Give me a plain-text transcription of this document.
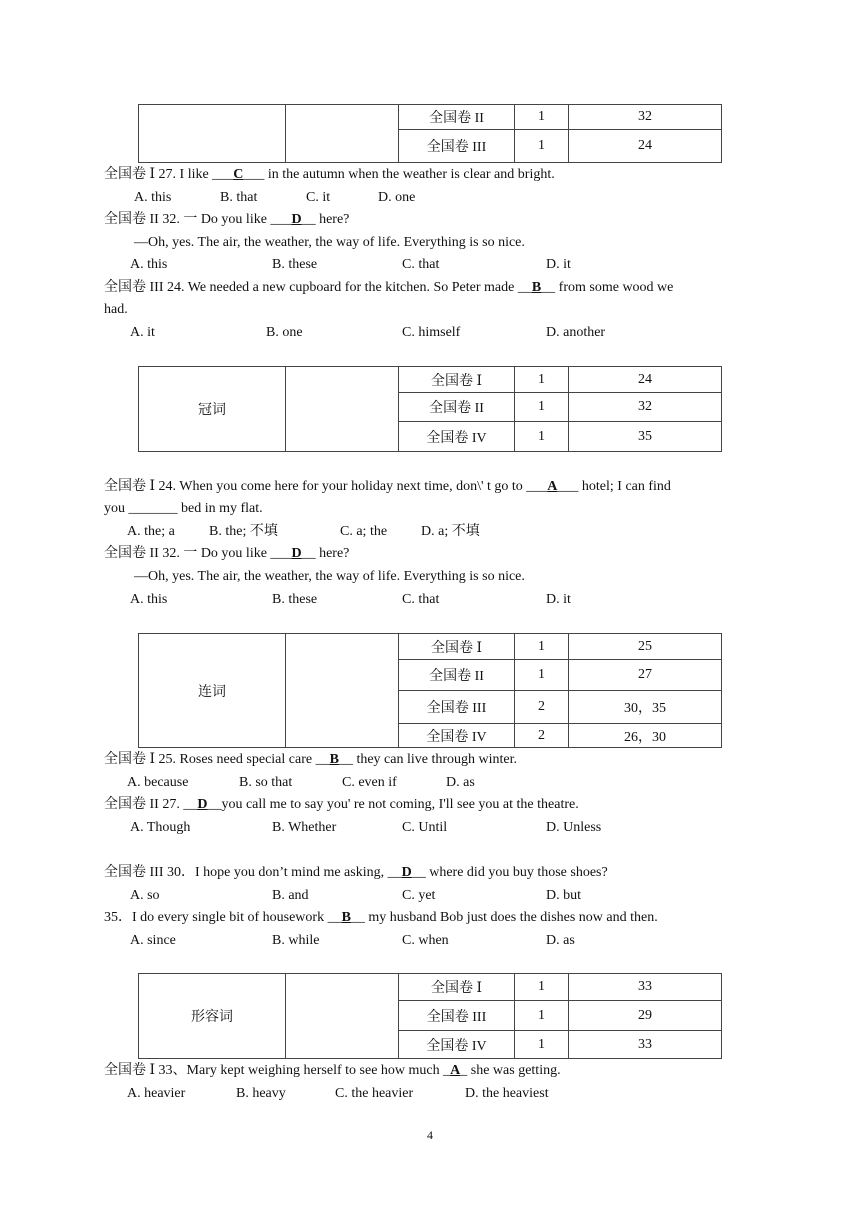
		全国卷 II	1	32
		全国卷 III	1	24
全国卷 Ⅰ 27. I like ___C___ in the autumn when the weather is clear and bright.
A. this	B. that	C. it	D. one
全国卷 II 32. 一 Do you like ___D__ here?
—Oh, yes. The air, the weather, the way of life. Everything is so nice.
A. this	B. these	C. that	D. it
全国卷 III 24. We needed a new cupboard for the kitchen. So Peter made __B__ from some wood we
had.
A. it	B. one	C. himself	D. another
冠词		全国卷 Ⅰ	1	24
		全国卷 II	1	32
		全国卷 IV	1	35
全国卷 Ⅰ 24. When you come here for your holiday next time, don\' t go to ___A___ hotel; I can find
you _______ bed in my flat.
A. the; a B. the; 不填	C. a; the D. a; 不填
全国卷 II 32. 一 Do you like ___D__ here?
—Oh, yes. The air, the weather, the way of life. Everything is so nice.
A. this	B. these	C. that	D. it
连词		全国卷 Ⅰ	1	25
		全国卷 II	1	27
		全国卷 III	2	30，35
		全国卷 IV	2	26，30
全国卷 Ⅰ 25. Roses need special care __B__ they can live through winter.
A. because	B. so that	C. even if	D. as
全国卷 II 27. __D__you call me to say you' re not coming, I'll see you at the theatre.
A. Though	B. Whether	C. Until	D. Unless
全国卷 III 30．I hope you don’t mind me asking, __D__ where did you buy those shoes?
A. so	B. and	C. yet	D. but
35．I do every single bit of housework __B__ my husband Bob just does the dishes now and then.
A. since	B. while	C. when	D. as
形容词		全国卷 Ⅰ	1	33
		全国卷 III	1	29
		全国卷 IV	1	33
全国卷 Ⅰ 33、Mary kept weighing herself to see how much _A_ she was getting.
A. heavier	B. heavy	C. the heavier	D. the heaviest
4
